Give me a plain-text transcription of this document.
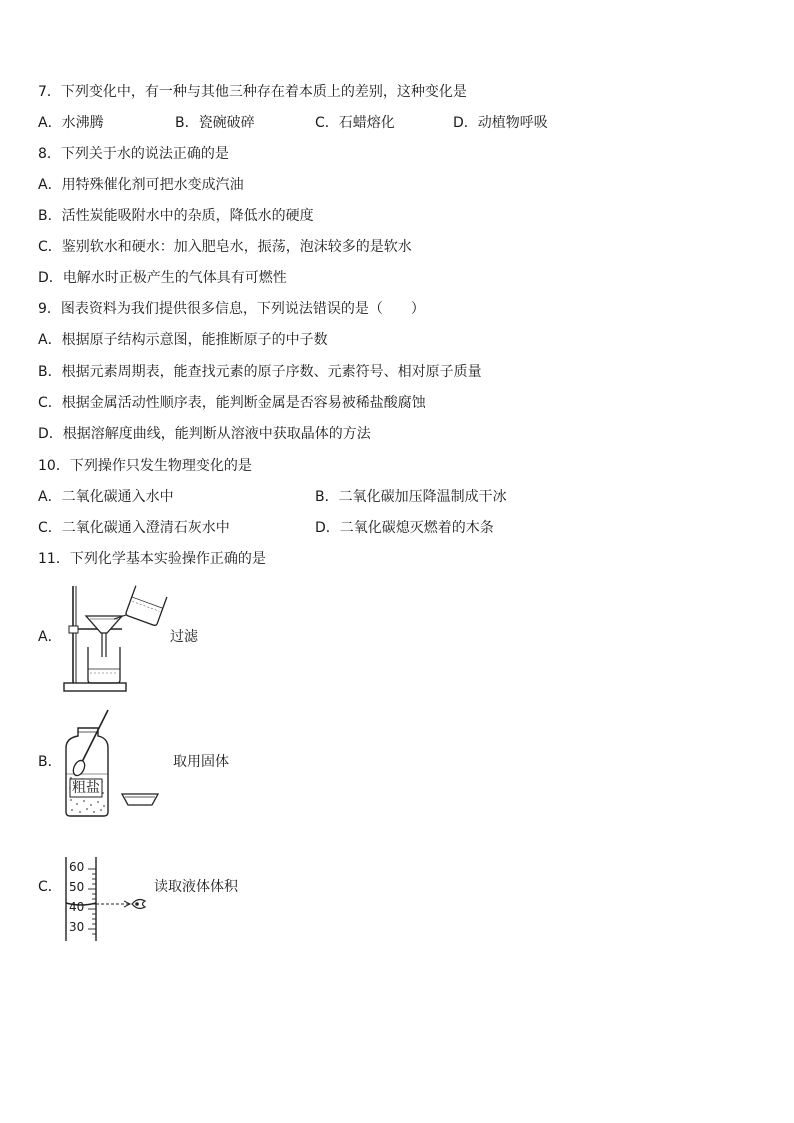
7．下列变化中，有一种与其他三种存在着本质上的差别，这种变化是
A．水沸腾	B．瓷碗破碎	C．石蜡熔化	D．动植物呼吸
8．下列关于水的说法正确的是
A．用特殊催化剂可把水变成汽油
B．活性炭能吸附水中的杂质，降低水的硬度
C．鉴别软水和硬水：加入肥皂水，振荡，泡沫较多的是软水
D．电解水时正极产生的气体具有可燃性
9．图表资料为我们提供很多信息，下列说法错误的是（　　）
A．根据原子结构示意图，能推断原子的中子数
B．根据元素周期表，能查找元素的原子序数、元素符号、相对原子质量
C．根据金属活动性顺序表，能判断金属是否容易被稀盐酸腐蚀
D．根据溶解度曲线，能判断从溶液中获取晶体的方法
10．下列操作只发生物理变化的是
A．二氧化碳通入水中	B．二氧化碳加压降温制成干冰
C．二氧化碳通入澄清石灰水中	D．二氧化碳熄灭燃着的木条
11．下列化学基本实验操作正确的是
A．	过滤
B．
粗盐
取用固体
C．
60
50
40
30
读取液体体积
